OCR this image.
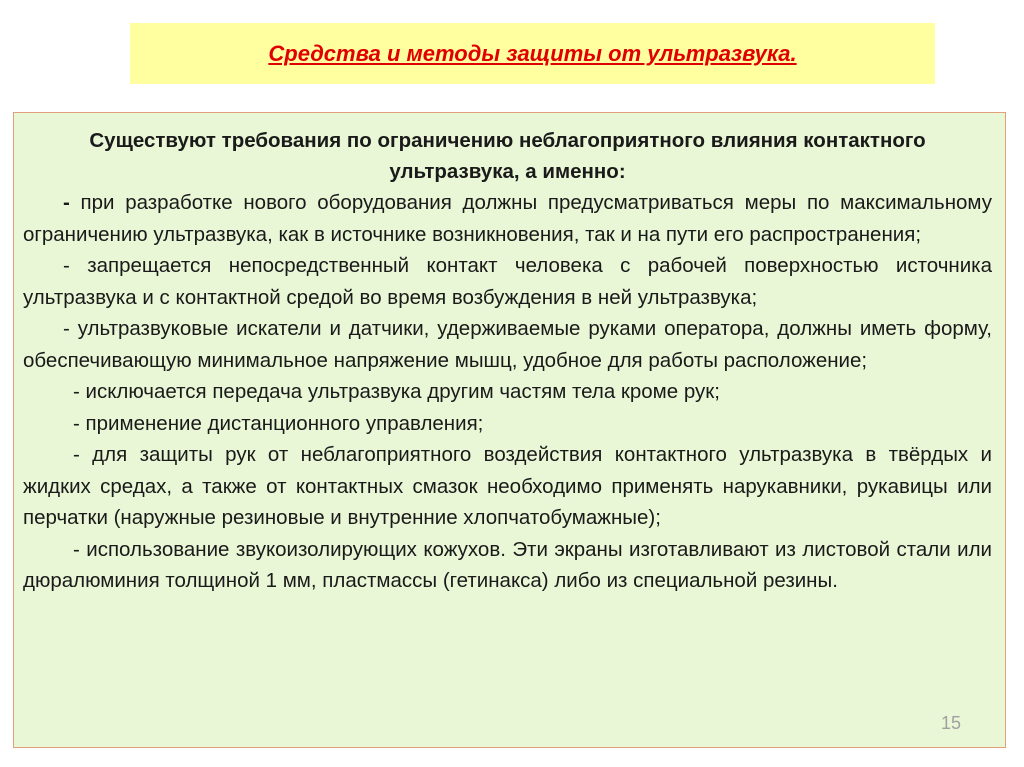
Средства и методы защиты от ультразвука.
Существуют требования по ограничению неблагоприятного влияния контактного ультразвука, а именно:
- при разработке нового оборудования должны предусматриваться меры по максимальному ограничению ультразвука, как в источнике возникновения, так и на пути его распространения;
- запрещается непосредственный контакт человека с рабочей поверхностью источника ультразвука и с контактной средой во время возбуждения в ней ультразвука;
- ультразвуковые искатели и датчики, удерживаемые руками оператора, должны иметь форму, обеспечивающую минимальное напряжение мышц, удобное для работы расположение;
- исключается передача ультразвука другим частям тела кроме рук;
- применение дистанционного управления;
- для защиты рук от неблагоприятного воздействия контактного ультразвука в твёрдых и жидких средах, а также от контактных смазок необходимо применять нарукавники, рукавицы или перчатки (наружные резиновые и внутренние хлопчатобумажные);
- использование звукоизолирующих кожухов. Эти экраны изготавливают из листовой стали или дюралюминия толщиной 1 мм, пластмассы (гетинакса) либо из специальной резины.
15
